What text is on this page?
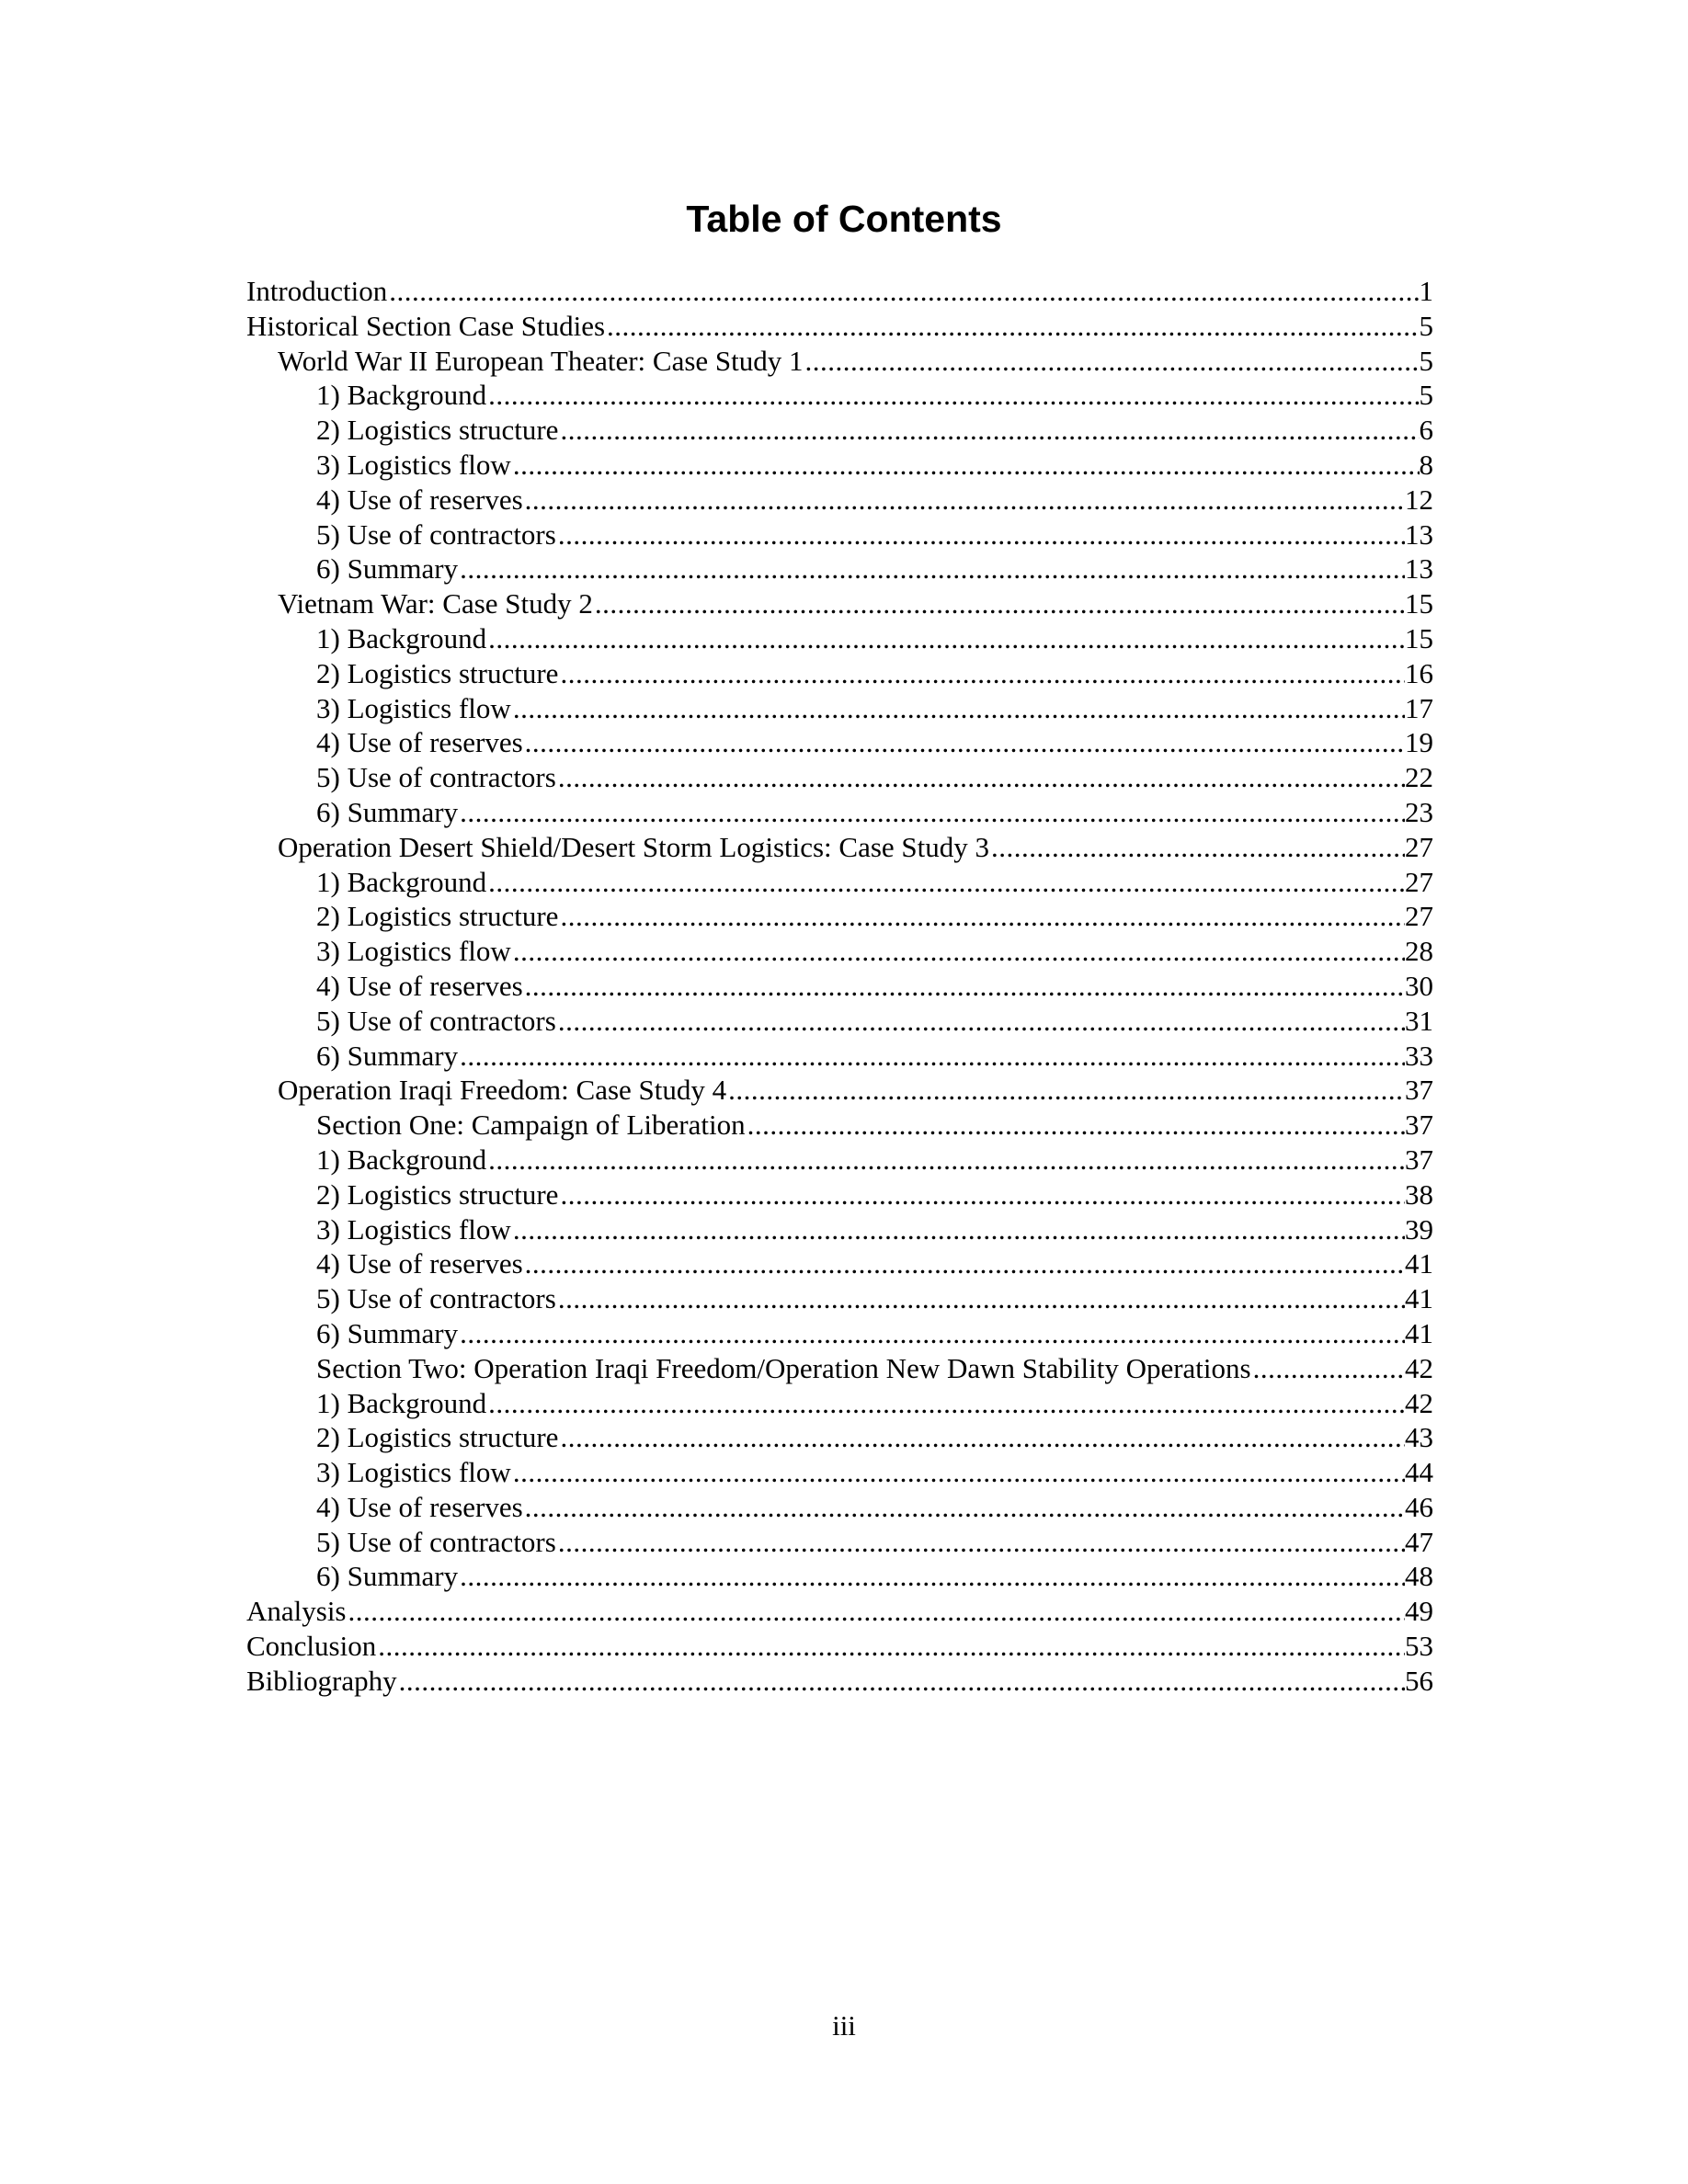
Table of Contents
Introduction .....	1
Historical Section Case Studies .....	5
World War II European Theater: Case Study 1 .....	5
1) Background .....	5
2) Logistics structure .....	6
3) Logistics flow .....	8
4) Use of reserves .....	12
5) Use of contractors .....	13
6) Summary .....	13
Vietnam War: Case Study 2 .....	15
1) Background .....	15
2) Logistics structure .....	16
3) Logistics flow .....	17
4) Use of reserves .....	19
5) Use of contractors .....	22
6) Summary .....	23
Operation Desert Shield/Desert Storm Logistics: Case Study 3 .....	27
1) Background .....	27
2) Logistics structure .....	27
3) Logistics flow .....	28
4) Use of reserves .....	30
5) Use of contractors .....	31
6) Summary .....	33
Operation Iraqi Freedom: Case Study 4 .....	37
Section One: Campaign of Liberation .....	37
1) Background .....	37
2) Logistics structure .....	38
3) Logistics flow .....	39
4) Use of reserves .....	41
5) Use of contractors .....	41
6) Summary .....	41
Section Two: Operation Iraqi Freedom/Operation New Dawn Stability Operations .....	42
1) Background .....	42
2) Logistics structure .....	43
3) Logistics flow .....	44
4) Use of reserves .....	46
5) Use of contractors .....	47
6) Summary .....	48
Analysis .....	49
Conclusion .....	53
Bibliography .....	56
iii
